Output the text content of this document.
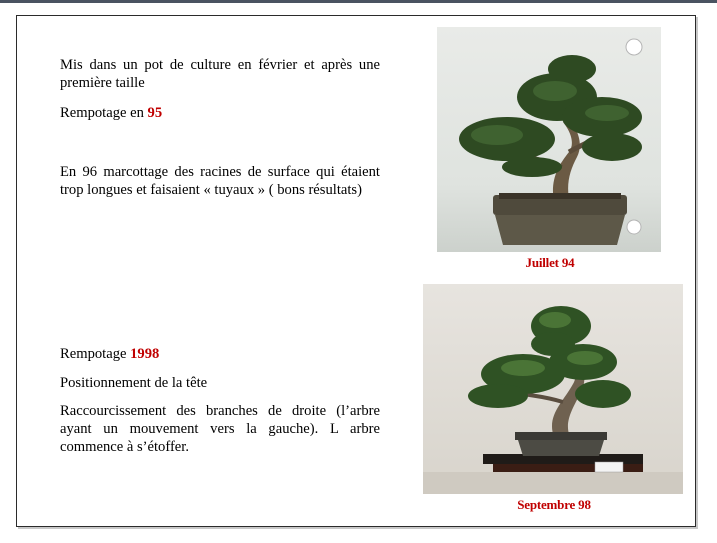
Mis dans un pot de culture en février et après une première taille
Rempotage en 95
En 96 marcottage des racines de surface qui étaient trop longues et faisaient « tuyaux » ( bons résultats)
Rempotage 1998
Positionnement de la tête
Raccourcissement des branches de droite (l’arbre ayant un mouvement vers la gauche). L arbre commence à s’étoffer.
Juillet 94
Septembre 98
